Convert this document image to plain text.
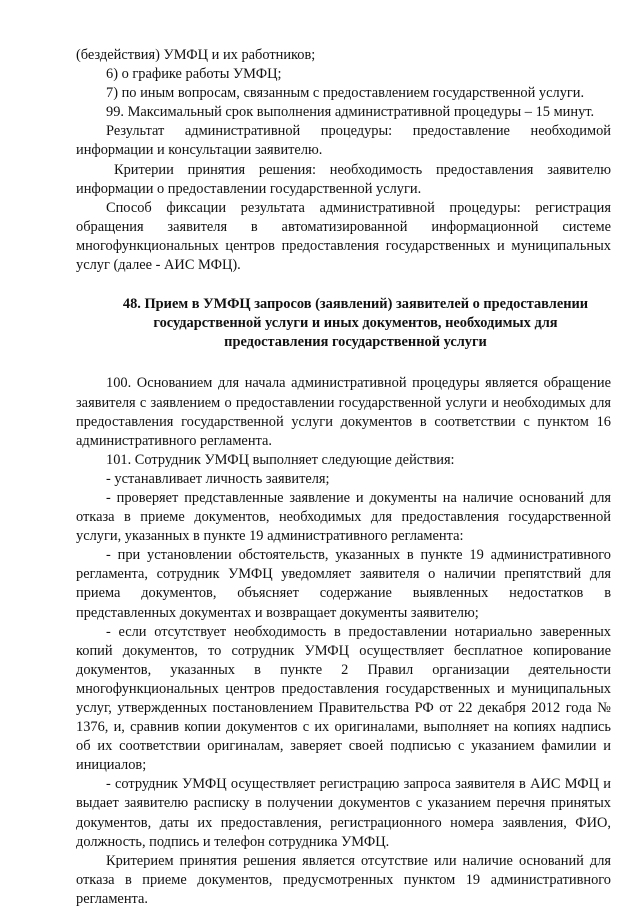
(бездействия) УМФЦ и их работников;

6) о графике работы УМФЦ;

7) по иным вопросам, связанным с предоставлением государственной услуги.

99. Максимальный срок выполнения административной процедуры – 15 минут.

Результат административной процедуры: предоставление необходимой информации и консультации заявителю.

Критерии принятия решения: необходимость предоставления заявителю информации о предоставлении государственной услуги.

Способ фиксации результата административной процедуры: регистрация обращения заявителя в автоматизированной информационной системе многофункциональных центров предоставления государственных и муниципальных услуг (далее - АИС МФЦ).

48. Прием в УМФЦ запросов (заявлений) заявителей о предоставлении
государственной услуги и иных документов, необходимых для
предоставления государственной услуги

100. Основанием для начала административной процедуры является обращение заявителя с заявлением о предоставлении государственной услуги и необходимых для предоставления государственной услуги документов в соответствии с пунктом 16 административного регламента.

101. Сотрудник УМФЦ выполняет следующие действия:

- устанавливает личность заявителя;

- проверяет представленные заявление и документы на наличие оснований для отказа в приеме документов, необходимых для предоставления государственной услуги, указанных в пункте 19 административного регламента:

- при установлении обстоятельств, указанных в пункте 19 административного регламента, сотрудник УМФЦ уведомляет заявителя о наличии препятствий для приема документов, объясняет содержание выявленных недостатков в представленных документах и возвращает документы заявителю;

- если отсутствует необходимость в предоставлении нотариально заверенных копий документов, то сотрудник УМФЦ осуществляет бесплатное копирование документов, указанных в пункте 2 Правил организации деятельности многофункциональных центров предоставления государственных и муниципальных услуг, утвержденных постановлением Правительства РФ от 22 декабря 2012 года № 1376, и, сравнив копии документов с их оригиналами, выполняет на копиях надпись об их соответствии оригиналам, заверяет своей подписью с указанием фамилии и инициалов;

- сотрудник УМФЦ осуществляет регистрацию запроса заявителя в АИС МФЦ и выдает заявителю расписку в получении документов с указанием перечня принятых документов, даты их предоставления, регистрационного номера заявления, ФИО, должность, подпись и телефон сотрудника УМФЦ.

Критерием принятия решения является отсутствие или наличие оснований для отказа в приеме документов, предусмотренных пунктом 19 административного регламента.
